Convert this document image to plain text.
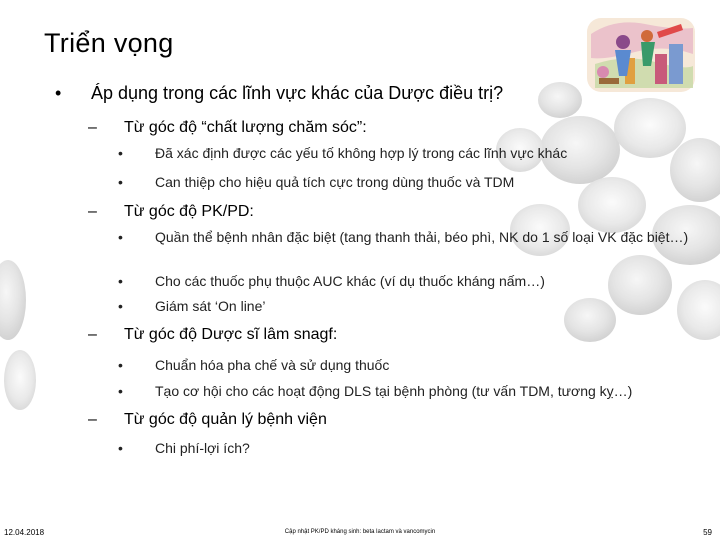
Triển vọng
•	Áp dụng trong các lĩnh vực khác của Dược điều trị?
–	Từ góc độ “chất lượng chăm sóc”:
•	Đã xác định được các yếu tố không hợp lý trong các lĩnh vực khác
•	Can thiệp cho hiệu quả tích cực trong dùng thuốc và TDM
–	Từ góc độ PK/PD:
•	Quần thể bệnh nhân đặc biệt (tang thanh thải, béo phì, NK do 1 số loại VK đặc biệt…)
•	Cho các thuốc phụ thuộc AUC khác (ví dụ thuốc kháng nấm…)
•	Giám sát ‘On line’
–	Từ góc độ Dược sĩ lâm snagf:
•	Chuẩn hóa pha chế và sử dụng thuốc
•	Tạo cơ hội cho các hoạt động DLS tại bệnh phòng (tư vấn TDM, tương kỵ…)
–	Từ góc độ quản lý bệnh viện
•	Chi phí-lợi ích?
12.04.2018	Cập nhật PK/PD kháng sinh: beta lactam và vancomycin	59
